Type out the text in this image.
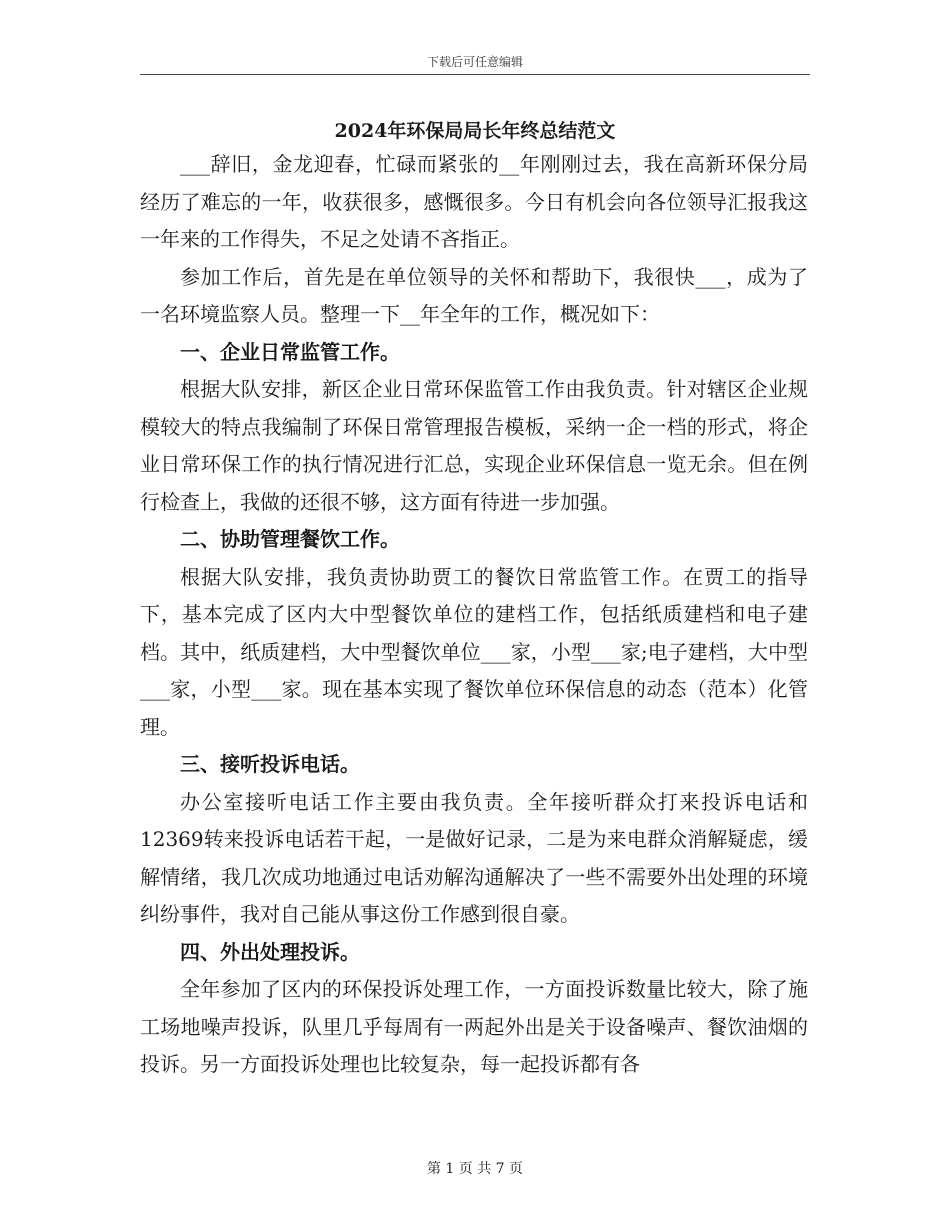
下载后可任意编辑
2024年环保局局长年终总结范文

___辞旧，金龙迎春，忙碌而紧张的__年刚刚过去，我在高新环保分局经历了难忘的一年，收获很多，感慨很多。今日有机会向各位领导汇报我这一年来的工作得失，不足之处请不吝指正。

参加工作后，首先是在单位领导的关怀和帮助下，我很快___，成为了一名环境监察人员。整理一下__年全年的工作，概况如下：

一、企业日常监管工作。

根据大队安排，新区企业日常环保监管工作由我负责。针对辖区企业规模较大的特点我编制了环保日常管理报告模板，采纳一企一档的形式，将企业日常环保工作的执行情况进行汇总，实现企业环保信息一览无余。但在例行检查上，我做的还很不够，这方面有待进一步加强。

二、协助管理餐饮工作。

根据大队安排，我负责协助贾工的餐饮日常监管工作。在贾工的指导下，基本完成了区内大中型餐饮单位的建档工作，包括纸质建档和电子建档。其中，纸质建档，大中型餐饮单位___家，小型___家;电子建档，大中型___家，小型___家。现在基本实现了餐饮单位环保信息的动态（范本）化管理。

三、接听投诉电话。

办公室接听电话工作主要由我负责。全年接听群众打来投诉电话和12369转来投诉电话若干起，一是做好记录，二是为来电群众消解疑虑，缓解情绪，我几次成功地通过电话劝解沟通解决了一些不需要外出处理的环境纠纷事件，我对自己能从事这份工作感到很自豪。

四、外出处理投诉。

全年参加了区内的环保投诉处理工作，一方面投诉数量比较大，除了施工场地噪声投诉，队里几乎每周有一两起外出是关于设备噪声、餐饮油烟的投诉。另一方面投诉处理也比较复杂，每一起投诉都有各

第 1 页 共 7 页
